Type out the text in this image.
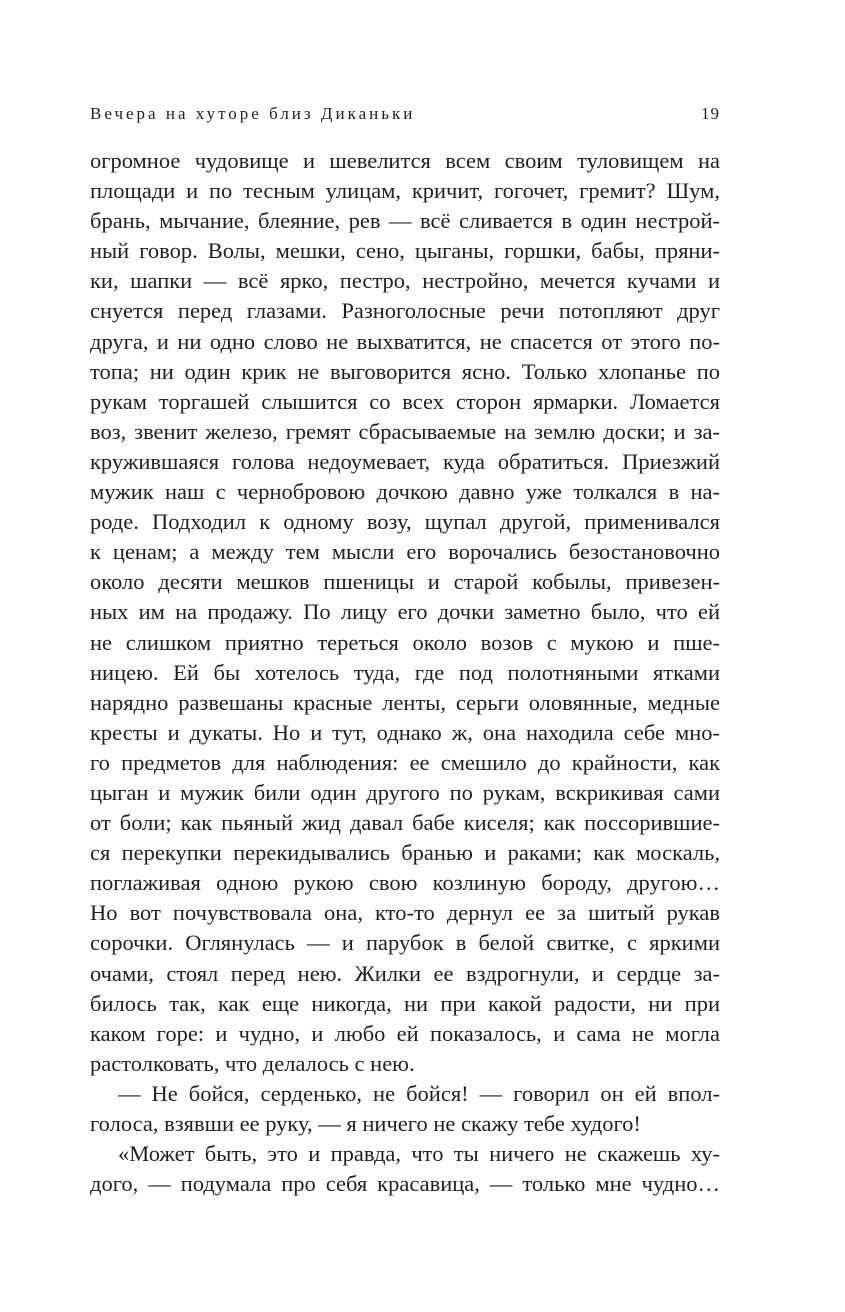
Вечера на хуторе близ Диканьки	19
огромное чудовище и шевелится всем своим туловищем на
площади и по тесным улицам, кричит, гогочет, гремит? Шум,
брань, мычание, блеяние, рев — всё сливается в один нестрой-
ный говор. Волы, мешки, сено, цыганы, горшки, бабы, пряни-
ки, шапки — всё ярко, пестро, нестройно, мечется кучами и
снуется перед глазами. Разноголосные речи потопляют друг
друга, и ни одно слово не выхватится, не спасется от этого по-
топа; ни один крик не выговорится ясно. Только хлопанье по
рукам торгашей слышится со всех сторон ярмарки. Ломается
воз, звенит железо, гремят сбрасываемые на землю доски; и за-
кружившаяся голова недоумевает, куда обратиться. Приезжий
мужик наш с чернобровою дочкою давно уже толкался в на-
роде. Подходил к одному возу, щупал другой, применивался
к ценам; а между тем мысли его ворочались безостановочно
около десяти мешков пшеницы и старой кобылы, привезен-
ных им на продажу. По лицу его дочки заметно было, что ей
не слишком приятно тереться около возов с мукою и пше-
ницею. Ей бы хотелось туда, где под полотняными ятками
нарядно развешаны красные ленты, серьги оловянные, медные
кресты и дукаты. Но и тут, однако ж, она находила себе мно-
го предметов для наблюдения: ее смешило до крайности, как
цыган и мужик били один другого по рукам, вскрикивая сами
от боли; как пьяный жид давал бабе киселя; как поссорившие-
ся перекупки перекидывались бранью и раками; как москаль,
поглаживая одною рукою свою козлиную бороду, другою…
Но вот почувствовала она, кто-то дернул ее за шитый рукав
сорочки. Оглянулась — и парубок в белой свитке, с яркими
очами, стоял перед нею. Жилки ее вздрогнули, и сердце за-
билось так, как еще никогда, ни при какой радости, ни при
каком горе: и чудно, и любо ей показалось, и сама не могла
растолковать, что делалось с нею.
— Не бойся, серденько, не бойся! — говорил он ей впол-
голоса, взявши ее руку, — я ничего не скажу тебе худого!
«Может быть, это и правда, что ты ничего не скажешь ху-
дого, — подумала про себя красавица, — только мне чудно…
